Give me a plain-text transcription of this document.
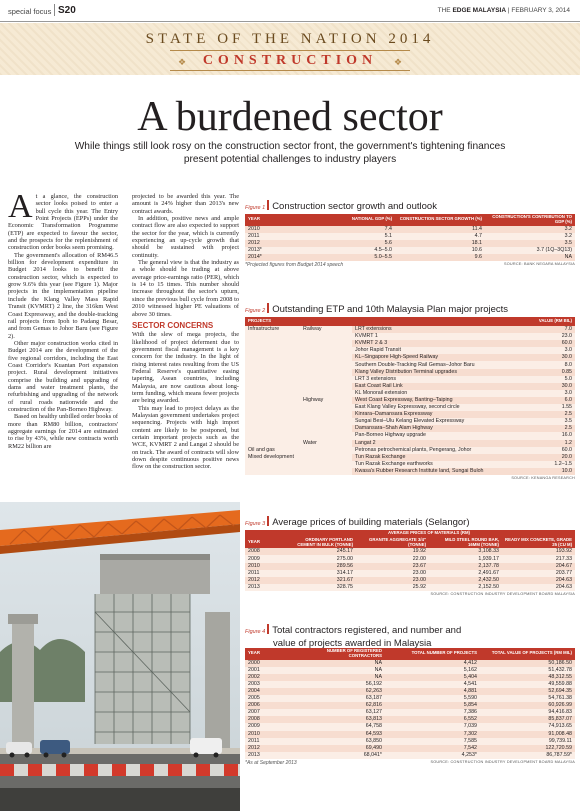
special focus S20	THE EDGE MALAYSIA | FEBRUARY 3, 2014
STATE OF THE NATION 2014
❖	CONSTRUCTION	❖
A burdened sector
While things still look rosy on the construction sector front, the government's tightening finances present potential challenges to industry players

At a glance, the construction sector looks poised to enter a bull cycle this year. The Entry Point Projects (EPPs) under the Economic Transformation Programme (ETP) are expected to favour the sector, and the prospects for the replenishment of construction order books seem promising.

The government's allocation of RM46.5 billion for development expenditure in Budget 2014 looks to benefit the construction sector, which is expected to grow 9.6% this year (see Figure 1). Major projects in the implementation pipeline include the Klang Valley Mass Rapid Transit (KVMRT) 2 line, the 316km West Coast Expressway, and the double-tracking rail projects from Ipoh to Padang Besar, and from Gemas to Johor Baru (see Figure 2).

Other major construction works cited in Budget 2014 are the development of the five regional corridors, including the East Coast Corridor's Kuantan Port expansion project. Rural development initiatives comprise the building and upgrading of dams and water treatment plants, the refurbishing and upgrading of the network of rural roads nationwide and the construction of the Pan-Borneo Highway.

Based on healthy unbilled order books of more than RM80 billion, contractors' aggregate earnings for 2014 are estimated to rise by 43%, while new contracts worth RM22 billion are

projected to be awarded this year. The amount is 24% higher than 2013's new contract awards.

In addition, positive news and ample contract flow are also expected to support the sector for the year, which is currently experiencing an up-cycle growth that should be sustained with project continuity.

The general view is that the industry as a whole should be trading at above average price-earnings ratio (PER), which is 14 to 15 times. This number should increase throughout the sector's upturn, since the previous bull cycle from 2008 to 2010 witnessed higher PE valuations of above 30 times.

SECTOR CONCERNS

With the slew of mega projects, the likelihood of project deferment due to government fiscal management is a key concern for the industry. In the light of rising interest rates resulting from the US Federal Reserve's quantitative easing tapering, Asean countries, including Malaysia, are now cautious about long-term funding, which means fewer projects are being awarded.

This may lead to project delays as the Malaysian government undertakes project sequencing. Projects with high import content are likely to be postponed, but certain important projects such as the WCE, KVMRT 2 and Langat 2 should be on track. The award of contracts will slow down despite continuous positive news flow on the construction sector.

Figure 1 Construction sector growth and outlook
YEAR	NATIONAL GDP (%)	CONSTRUCTION SECTOR GROWTH (%)	CONSTRUCTION'S CONTRIBUTION TO GDP (%)
2010	7.4	11.4	3.2
2011	5.1	4.7	3.2
2012	5.6	18.1	3.5
2013*	4.5–5.0	10.6	3.7 (1Q–3Q13)
2014*	5.0–5.5	9.6	NA
*Projected figures from Budget 2014 speech	SOURCE: BANK NEGARA MALAYSIA
Figure 2 Outstanding ETP and 10th Malaysia Plan major projects
PROJECTS			VALUE (RM BIL)
Infrastructure	Railway	LRT extensions	7.0
		KVMRT 1	23.0
		KVMRT 2 & 3	60.0
		Johor Rapid Transit	3.0
		KL–Singapore High-Speed Railway	30.0
		Southern Double-Tracking Rail Gemas–Johor Baru	8.0
		Klang Valley Distribution Terminal upgrades	0.85
		LRT 3 extensions	5.0
		East Coast Rail Link	30.0
		KL Monorail extension	3.0
	Highway	West Coast Expressway, Banting–Taiping	6.0
		East Klang Valley Expressway, second circle	1.55
		Kinrara–Damansara Expressway	2.5
		Sungai Besi–Ulu Kelang Elevated Expressway	3.5
		Damansara–Shah Alam Highway	2.5
		Pan-Borneo Highway upgrade	16.0
	Water	Langat 2	1.2
Oil and gas		Petronas petrochemical plants, Pengerang, Johor	60.0
Mixed development		Tun Razak Exchange	20.0
		Tun Razak Exchange earthworks	1.2–1.5
		Kwasa's Rubber Research Institute land, Sungai Buloh	10.0
SOURCE: KENANGA RESEARCH
Figure 3 Average prices of building materials (Selangor)
	AVERAGE PRICES OF MATERIALS (RM)			
YEAR	ORDINARY PORTLAND CEMENT IN BULK (TONNE)	GRANITE AGGREGATE 3/4" (TONNE)	MILD STEEL ROUND BAR, 16MM (TONNE)	READY MIX CONCRETE, GRADE 25 (CU M)
2008	245.17	19.92	3,108.33	193.92
2009	275.00	22.00	1,939.17	217.33
2010	289.56	23.67	2,137.78	204.67
2011	314.17	23.00	2,491.67	203.77
2012	321.67	23.00	2,432.50	204.63
2013	328.75	25.92	2,152.50	204.63
SOURCE: CONSTRUCTION INDUSTRY DEVELOPMENT BOARD MALAYSIA
Figure 4 Total contractors registered, and number and
value of projects awarded in Malaysia
YEAR	NUMBER OF REGISTERED CONTRACTORS	TOTAL NUMBER OF PROJECTS	TOTAL VALUE OF PROJECTS (RM MIL)
2000	NA	4,412	50,186.50
2001	NA	5,162	51,432.78
2002	NA	5,404	48,312.55
2003	56,192	4,541	49,559.88
2004	62,263	4,881	52,694.35
2005	63,187	5,590	54,761.38
2006	62,816	5,854	60,926.99
2007	63,127	7,386	94,416.83
2008	63,813	6,552	85,837.07
2009	64,758	7,039	74,913.65
2010	64,593	7,302	91,008.48
2011	63,850	7,585	99,739.11
2012	69,490	7,542	122,720.59
2013	68,041*	4,253*	86,787.59*
*As at September 2013	SOURCE: CONSTRUCTION INDUSTRY DEVELOPMENT BOARD MALAYSIA
